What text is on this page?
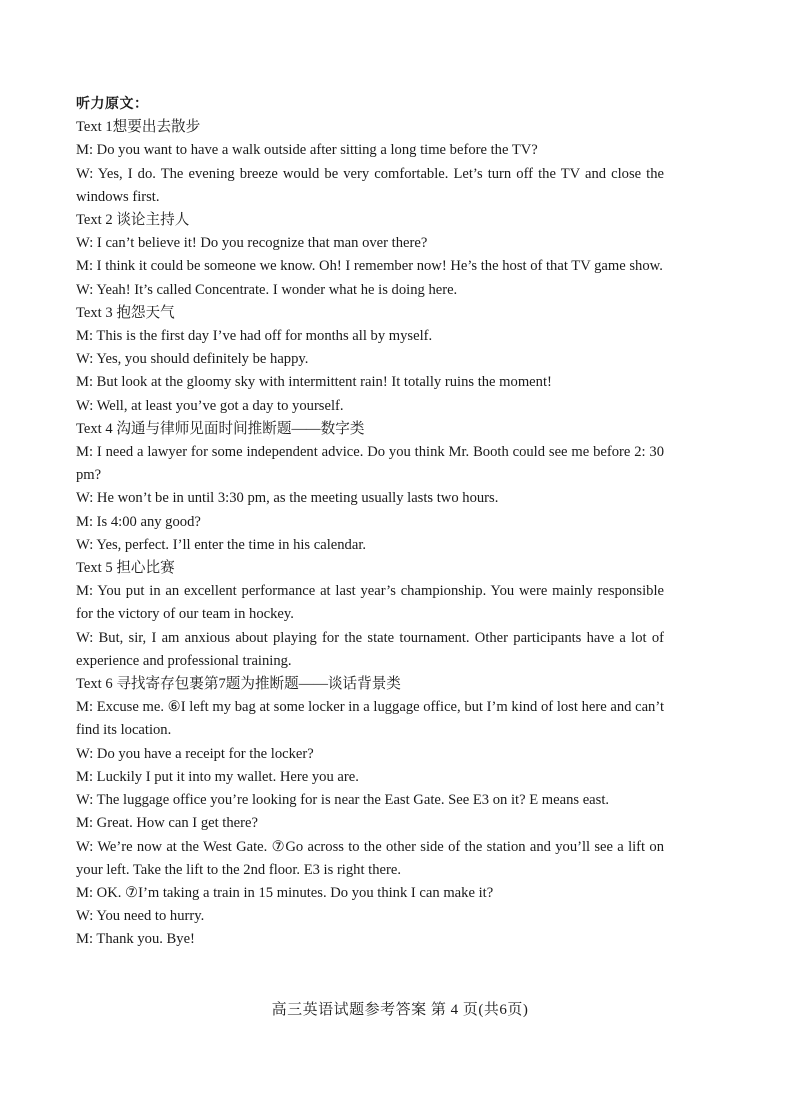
听力原文：

Text 1想要出去散步

M: Do you want to have a walk outside after sitting a long time before the TV?

W: Yes, I do. The evening breeze would be very comfortable. Let’s turn off the TV and close the windows first.

Text 2 谈论主持人

W: I can’t believe it! Do you recognize that man over there?

M: I think it could be someone we know. Oh! I remember now! He’s the host of that TV game show.

W: Yeah! It’s called Concentrate. I wonder what he is doing here.

Text 3 抱怨天气

M: This is the first day I’ve had off for months all by myself.

W: Yes, you should definitely be happy.

M: But look at the gloomy sky with intermittent rain! It totally ruins the moment!

W: Well, at least you’ve got a day to yourself.

Text 4 沟通与律师见面时间推断题——数字类

M: I need a lawyer for some independent advice. Do you think Mr. Booth could see me before 2: 30 pm?

W: He won’t be in until 3:30 pm, as the meeting usually lasts two hours.

M: Is 4:00 any good?

W: Yes, perfect. I’ll enter the time in his calendar.

Text 5 担心比赛

M: You put in an excellent performance at last year’s championship. You were mainly responsible for the victory of our team in hockey.

W: But, sir, I am anxious about playing for the state tournament. Other participants have a lot of experience and professional training.

Text 6 寻找寄存包裹第7题为推断题——谈话背景类

M: Excuse me. ⑥I left my bag at some locker in a luggage office, but I’m kind of lost here and can’t find its location.

W: Do you have a receipt for the locker?

M: Luckily I put it into my wallet. Here you are.

W: The luggage office you’re looking for is near the East Gate. See E3 on it? E means east.

M: Great. How can I get there?

W: We’re now at the West Gate. ⑦Go across to the other side of the station and you’ll see a lift on your left. Take the lift to the 2nd floor. E3 is right there.

M: OK. ⑦I’m taking a train in 15 minutes. Do you think I can make it?

W: You need to hurry.

M: Thank you. Bye!

高三英语试题参考答案 第 4 页(共6页)
